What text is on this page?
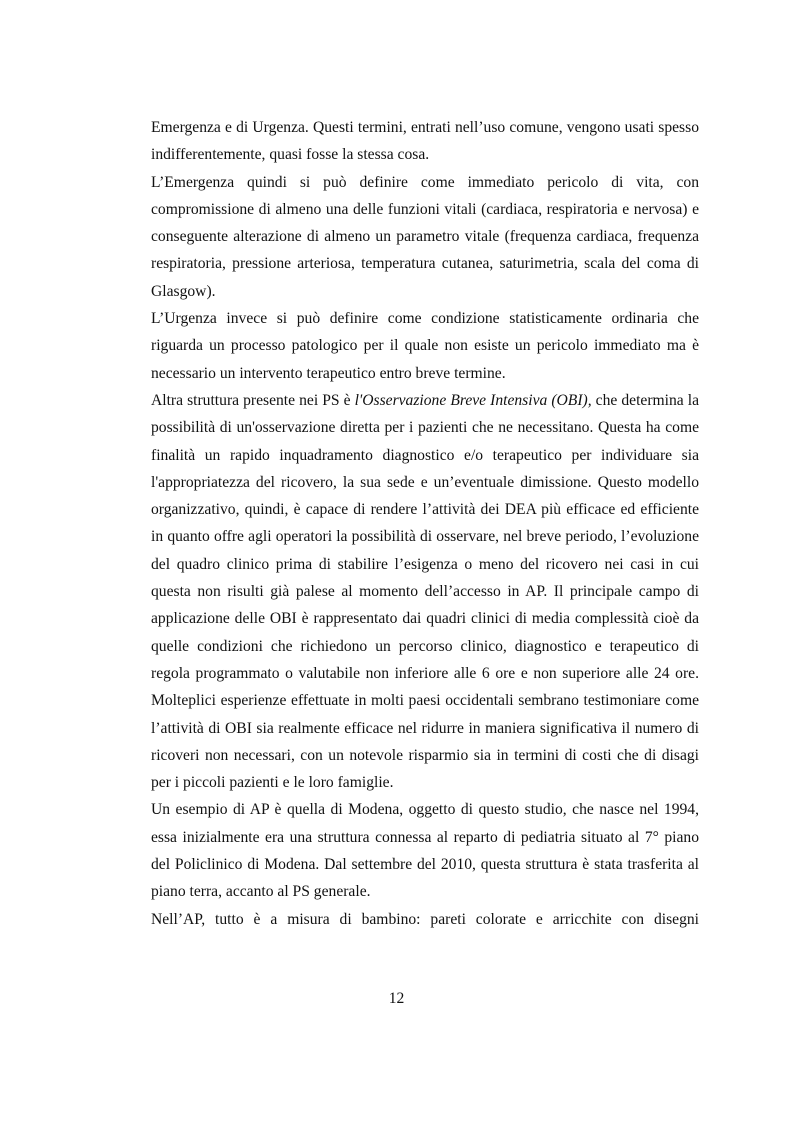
Emergenza e di Urgenza. Questi termini, entrati nell’uso comune, vengono usati spesso indifferentemente, quasi fosse la stessa cosa.

L’Emergenza quindi si può definire come immediato pericolo di vita, con compromissione di almeno una delle funzioni vitali (cardiaca, respiratoria e nervosa) e conseguente alterazione di almeno un parametro vitale (frequenza cardiaca, frequenza respiratoria, pressione arteriosa, temperatura cutanea, saturimetria, scala del coma di Glasgow).

L’Urgenza invece si può definire come condizione statisticamente ordinaria che riguarda un processo patologico per il quale non esiste un pericolo immediato ma è necessario un intervento terapeutico entro breve termine.

Altra struttura presente nei PS è l'Osservazione Breve Intensiva (OBI), che determina la possibilità di un'osservazione diretta per i pazienti che ne necessitano. Questa ha come finalità un rapido inquadramento diagnostico e/o terapeutico per individuare sia l'appropriatezza del ricovero, la sua sede e un’eventuale dimissione. Questo modello organizzativo, quindi, è capace di rendere l’attività dei DEA più efficace ed efficiente in quanto offre agli operatori la possibilità di osservare, nel breve periodo, l’evoluzione del quadro clinico prima di stabilire l’esigenza o meno del ricovero nei casi in cui questa non risulti già palese al momento dell’accesso in AP. Il principale campo di applicazione delle OBI è rappresentato dai quadri clinici di media complessità cioè da quelle condizioni che richiedono un percorso clinico, diagnostico e terapeutico di regola programmato o valutabile non inferiore alle 6 ore e non superiore alle 24 ore. Molteplici esperienze effettuate in molti paesi occidentali sembrano testimoniare come l’attività di OBI sia realmente efficace nel ridurre in maniera significativa il numero di ricoveri non necessari, con un notevole risparmio sia in termini di costi che di disagi per i piccoli pazienti e le loro famiglie.

Un esempio di AP è quella di Modena, oggetto di questo studio, che nasce nel 1994, essa inizialmente era una struttura connessa al reparto di pediatria situato al 7° piano del Policlinico di Modena. Dal settembre del 2010, questa struttura è stata trasferita al piano terra, accanto al PS generale.

Nell’AP, tutto è a misura di bambino: pareti colorate e arricchite con disegni

12
